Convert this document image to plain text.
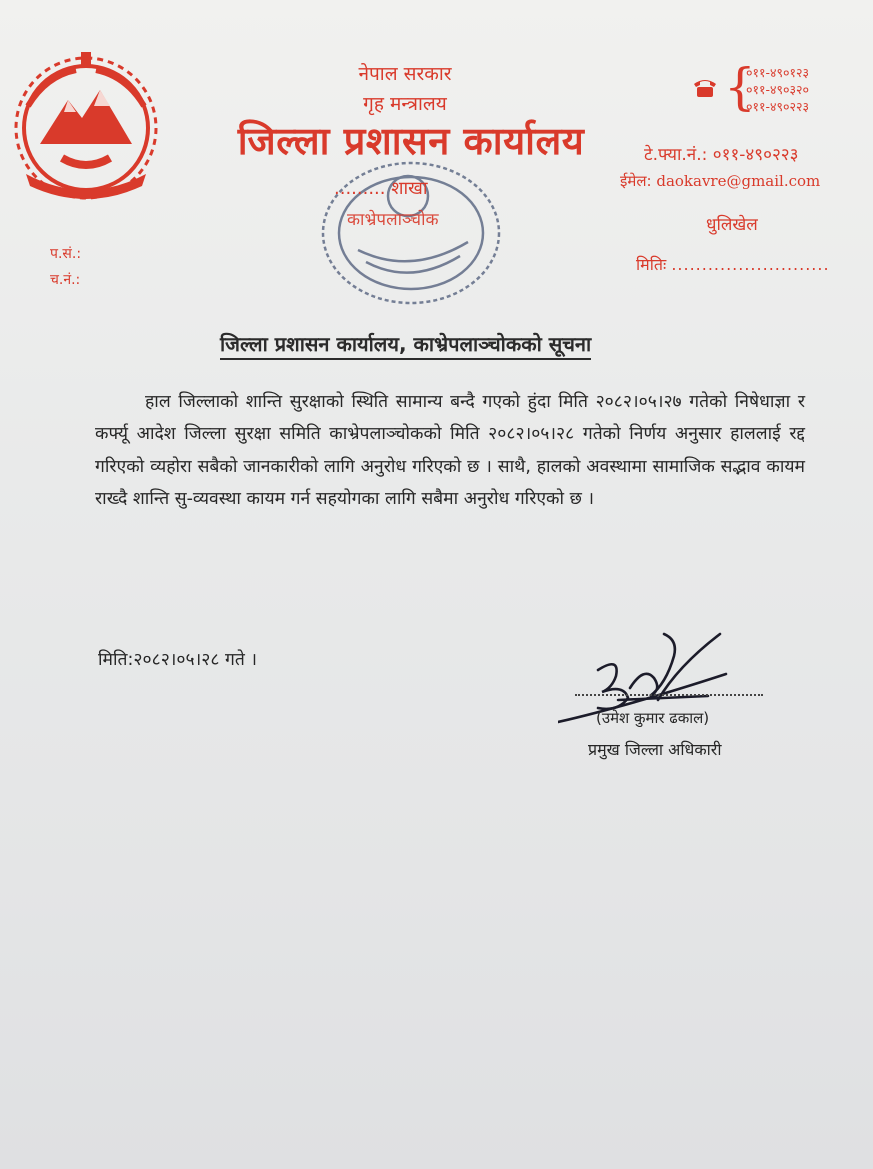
नेपाल सरकार
गृह मन्त्रालय
जिल्ला प्रशासन कार्यालय
{
०११-४९०१२३
०११-४९०३२०
०११-४९०२२३
टे.फ्या.नं.: ०११-४९०२२३
ईमेल: daokavre@gmail.com
धुलिखेल
मितिः ..........................
प.सं.:
च.नं.:
......... शाखा
काभ्रेपलाञ्चोक
जिल्ला प्रशासन कार्यालय, काभ्रेपलाञ्चोकको सूचना
हाल जिल्लाको शान्ति सुरक्षाको स्थिति सामान्य बन्दै गएको हुंदा मिति २०८२।०५।२७ गतेको निषेधाज्ञा र कर्फ्यू आदेश जिल्ला सुरक्षा समिति काभ्रेपलाञ्चोकको मिति २०८२।०५।२८ गतेको निर्णय अनुसार हाललाई रद्द गरिएको व्यहोरा सबैको जानकारीको लागि अनुरोध गरिएको छ । साथै, हालको अवस्थामा सामाजिक सद्भाव कायम राख्दै शान्ति सु-व्यवस्था कायम गर्न सहयोगका लागि सबैमा अनुरोध गरिएको छ ।
मिति:२०८२।०५।२८ गते ।
(उमेश कुमार ढकाल)
प्रमुख जिल्ला अधिकारी
